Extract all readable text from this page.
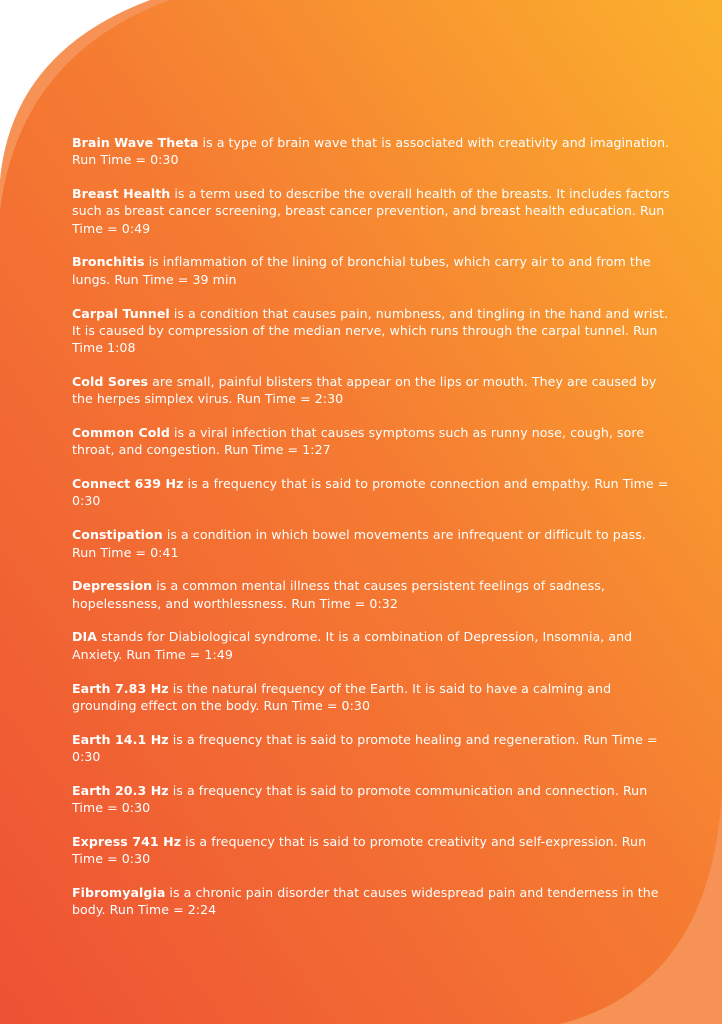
Brain Wave Theta is a type of brain wave that is associated with creativity and imagination. Run Time = 0:30

Breast Health is a term used to describe the overall health of the breasts. It includes factors such as breast cancer screening, breast cancer prevention, and breast health education. Run Time = 0:49

Bronchitis is inflammation of the lining of bronchial tubes, which carry air to and from the lungs. Run Time = 39 min

Carpal Tunnel is a condition that causes pain, numbness, and tingling in the hand and wrist. It is caused by compression of the median nerve, which runs through the carpal tunnel. Run Time 1:08

Cold Sores are small, painful blisters that appear on the lips or mouth. They are caused by the herpes simplex virus. Run Time = 2:30

Common Cold is a viral infection that causes symptoms such as runny nose, cough, sore throat, and congestion. Run Time = 1:27

Connect 639 Hz is a frequency that is said to promote connection and empathy. Run Time = 0:30

Constipation is a condition in which bowel movements are infrequent or difficult to pass. Run Time = 0:41

Depression is a common mental illness that causes persistent feelings of sadness, hopelessness, and worthlessness. Run Time = 0:32

DIA stands for Diabiological syndrome. It is a combination of Depression, Insomnia, and Anxiety. Run Time = 1:49

Earth 7.83 Hz is the natural frequency of the Earth. It is said to have a calming and grounding effect on the body. Run Time = 0:30

Earth 14.1 Hz is a frequency that is said to promote healing and regeneration. Run Time = 0:30

Earth 20.3 Hz is a frequency that is said to promote communication and connection. Run Time = 0:30

Express 741 Hz is a frequency that is said to promote creativity and self-expression. Run Time = 0:30

Fibromyalgia is a chronic pain disorder that causes widespread pain and tenderness in the body. Run Time = 2:24
